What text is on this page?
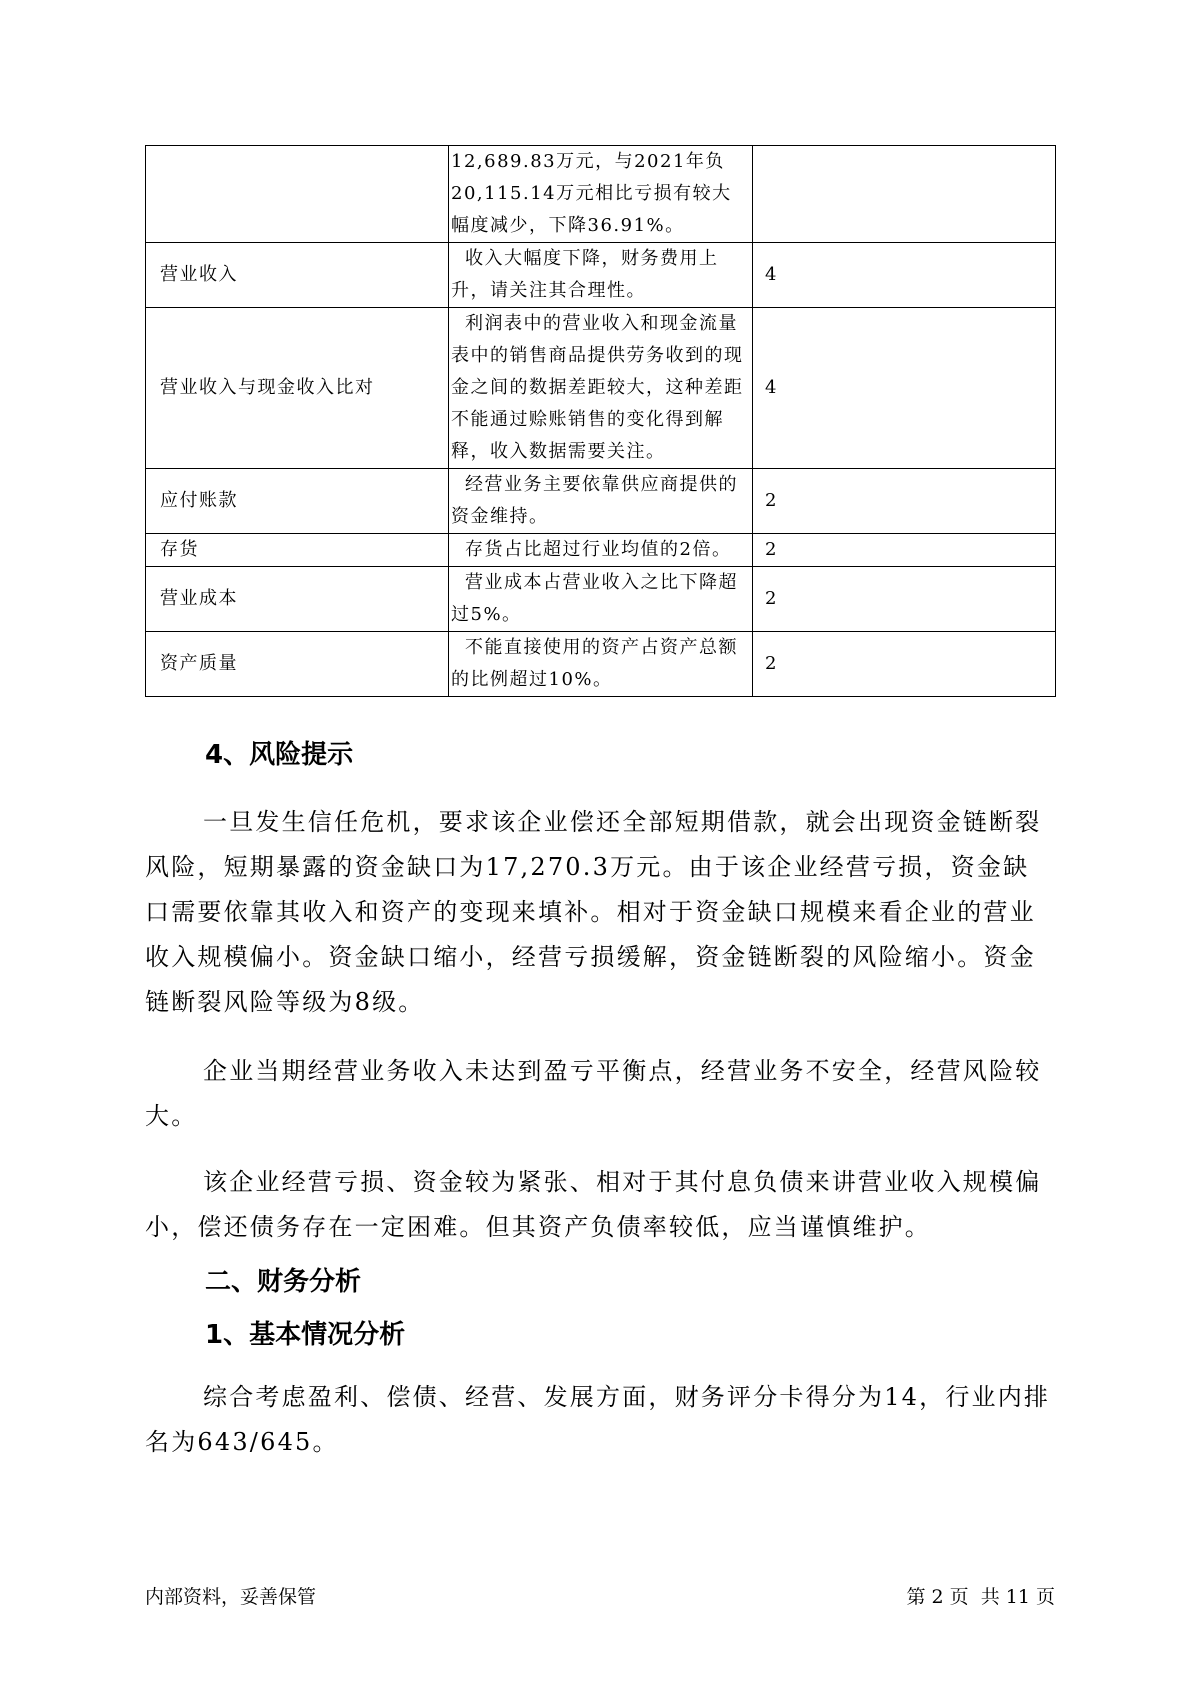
	12,689.83万元，与2021年负20,115.14万元相比亏损有较大幅度减少，下降36.91%。	

营业收入	收入大幅度下降，财务费用上升，请关注其合理性。	4
营业收入与现金收入比对	利润表中的营业收入和现金流量表中的销售商品提供劳务收到的现金之间的数据差距较大，这种差距不能通过赊账销售的变化得到解释，收入数据需要关注。	4
应付账款	经营业务主要依靠供应商提供的资金维持。	2
存货	存货占比超过行业均值的2倍。	2
营业成本	营业成本占营业收入之比下降超过5%。	2
资产质量	不能直接使用的资产占资产总额的比例超过10%。	2
4、风险提示

一旦发生信任危机，要求该企业偿还全部短期借款，就会出现资金链断裂风险，短期暴露的资金缺口为17,270.3万元。由于该企业经营亏损，资金缺口需要依靠其收入和资产的变现来填补。相对于资金缺口规模来看企业的营业收入规模偏小。资金缺口缩小，经营亏损缓解，资金链断裂的风险缩小。资金链断裂风险等级为8级。

企业当期经营业务收入未达到盈亏平衡点，经营业务不安全，经营风险较大。

该企业经营亏损、资金较为紧张、相对于其付息负债来讲营业收入规模偏小，偿还债务存在一定困难。但其资产负债率较低，应当谨慎维护。

二、财务分析
1、基本情况分析

综合考虑盈利、偿债、经营、发展方面，财务评分卡得分为14，行业内排名为643/645。

内部资料，妥善保管	第 2 页  共 11 页
